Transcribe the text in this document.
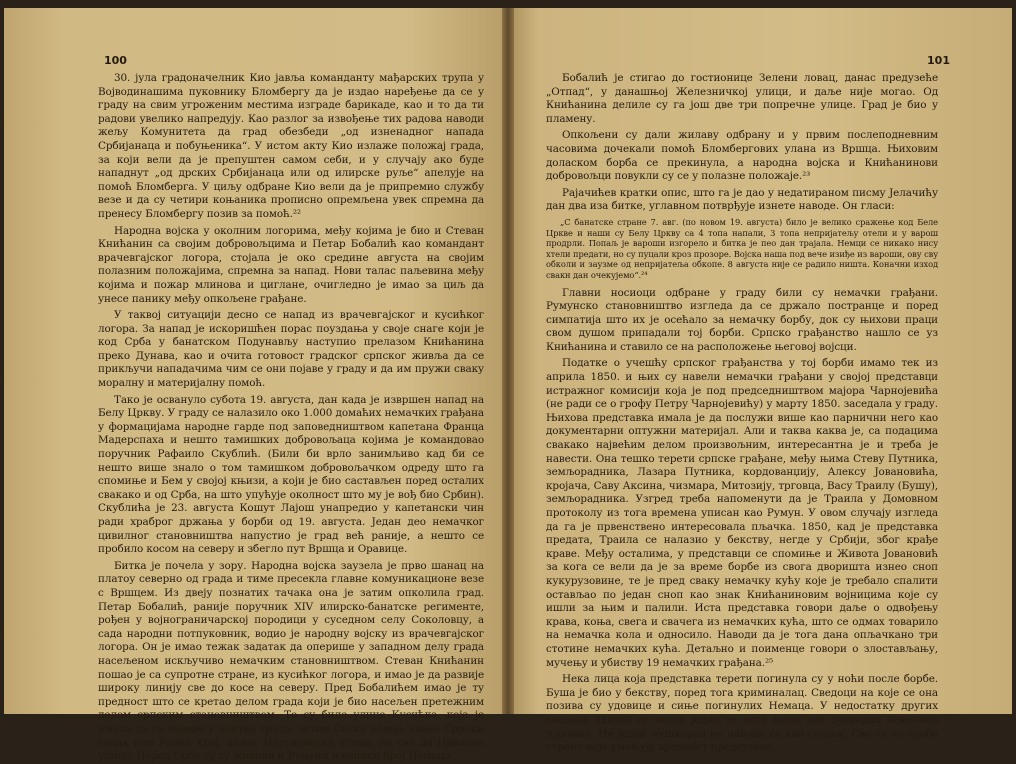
100

30. јула градоначелник Кио јавља команданту мађарских трупа у Војводинашима пуковнику Бломбергу да је издао наређење да се у граду на свим угроженим местима изграде барикаде, као и то да ти радови увелико напредују. Као разлог за извођење тих радова наводи жељу Комунитета да град обезбеди „од изненадног напада Србијанаца и побуњеника“. У истом акту Кио излаже положај града, за који вели да је препуштен самом себи, и у случају ако буде нападнут „од дрских Србијанаца или од илирске руље“ апелује на помоћ Бломберга. У циљу одбране Кио вели да је припремио службу везе и да су четири коњаника прописно опремљена увек спремна да пренесу Бломбергу позив за помоћ.²²

Народна војска у околним логорима, међу којима је био и Стеван Книћанин са својим добровољцима и Петар Бобалић као командант врачевгајског логора, стојала је око средине августа на својим полазним положајима, спремна за напад. Нови талас паљевина међу којима и пожар млинова и циглане, очигледно је имао за циљ да унесе панику међу опкољене грађане.

У таквој ситуацији десно се напад из врачевгајског и кусићког логора. За напад је искоришћен порас поуздања у своје снаге који је код Срба у банатском Подунављу наступио прелазом Книћанина преко Дунава, као и очита готовост градског српског живља да се прикључи нападачима чим се они појаве у граду и да им пружи сваку моралну и материјалну помоћ.

Тако је освануло субота 19. августа, дан када је извршен напад на Белу Цркву. У граду се налазило око 1.000 домаћих немачких грађана у формацијама народне гарде под заповедништвом капетана Франца Мадерспаха и нешто тамишких добровољаца којима је командовао поручник Рафаило Скублић. (Били би врло занимљиво кад би се нешто више знало о том тамишком добровољачком одреду што га спомиње и Бем у својој књизи, а који је био састављен поред осталих свакако и од Срба, на што упућује околност што му је вођ био Србин). Скублића је 23. августа Кошут Лајош унапредио у капетански чин ради храброг држања у борби од 19. августа. Један део немачког цивилног становништва напустио је град већ раније, а нешто се пробило косом на северу и збегло пут Вршца и Оравице.

Битка је почела у зору. Народна војска заузела је прво шанац на платоу северно од града и тиме пресекла главне комуникационе везе с Вршцем. Из двеју познатих тачака она је затим опколила град. Петар Бобалић, раније поручник XIV илирско-банатске регименте, рођен у војнограничарској породици у суседном селу Соколовцу, а сада народни потпуковник, водио је народну војску из врачевгајског логора. Он је имао тежак задатак да оперише у западном делу града насељеном искључиво немачким становништвом. Стеван Книћанин пошао је са супротне стране, из кусићког логора, и имао је да развије широку линију све до косе на северу. Пред Бобалићем имао је ту предност што се кретао делом града који је био насељен претежним делом српским становништвом. То су биле улице Кусићка, која је имала да га доведе у центар града, затим Саска улица, звана Српски сокак или Рацки крај, данас Партизанска улица, па све до Црквене улице. Поред Срба ту су живели и Румуни и велики број Немаца.

101

Бобалић је стигао до гостионице Зелени ловац, данас предузеће „Отпад“, у данашњој Железничкој улици, и даље није могао. Од Книћанина делиле су га још две три попречне улице. Град је био у пламену.

Опкољени су дали жилаву одбрану и у првим послеподневним часовима дочекали помоћ Бломбергових улана из Вршца. Њиховим доласком борба се прекинула, а народна војска и Книћанинови добровољци повукли су се у полазне положаје.²³

Рајачићев кратки опис, што га је дао у недатираном писму Јелачићу дан два иза битке, углавном потврђује изнете наводе. Он гласи:

„С банатске стране 7. авг. (по новом 19. августа) било је велико сражење код Беле Цркве и наши су Белу Цркву са 4 топа напали, 3 топа непријатељу отели и у варош продрли. Попаљ је вароши изгорело и битка је пео дан трајала. Немци се никако нису хтели предати, но су пуцали кроз прозоре. Војска наша под вече изиђе из вароши, ову сву обколи и заузме од непријатеља обкопе. 8 августа није се радило ништа. Коначни изход свакн дан очекујемо“.²⁴

Главни носиоци одбране у граду били су немачки грађани. Румунско становништво изгледа да се држало постранце и поред симпатија што их је осећало за немачку борбу, док су њихови праци свом душом припадали тој борби. Српско грађанство нашло се уз Книћанина и ставило се на расположење његовој војсци.

Податкe о учешћу српског грађанства у тој борби имамо тек из априла 1850. и њих су навели немачки грађани у својој представци истражног комисији која је под председништвом мајора Чарнојевића (не ради се о грофу Петру Чарнојевићу) у марту 1850. заседала у граду. Њихова представка имала је да послужи више као парнични него као документарни оптужни материјал. Али и таква каква је, са подацима свакако највећим делом произвољним, интересантна је и треба је навести. Она тешко терети српске грађане, међу њима Стеву Путника, земљорадника, Лазара Путника, кордованџију, Алексу Јовановића, кројача, Саву Аксина, чизмара, Митозију, трговца, Васу Траилу (Бушу), земљорадника. Узгред треба напоменути да је Траила у Домовном протоколу из тога времена уписан као Румун. У овом случају изгледа да га је првенствено интересовала пљачка. 1850, кад је представка предата, Траила се налазио у бекству, негде у Србији, због крађе краве. Међу осталима, у представци се спомиње и Живота Јовановић за кога се вели да је за време борбе из свога дворишта изнео сноп кукурузовине, те је пред сваку немачку кућу које је требало спалити остављао по један сноп као знак Книћаниновим војницима које су ишли за њим и палили. Иста представка говори даље о одвођењу крава, коња, свега и свачега из немачких кућа, што се одмах товарило на немачка кола и односило. Наводи да је тога дана опљачкано три стотине немачких кућа. Детаљно и поименце говори о злостављању, мучењу и убиству 19 немачких грађана.²⁵

Нека лица која представка терети погинула су у ноћи после борбе. Буша је био у бекству, поред тога криминалац. Сведоци на које се она позива су удовице и сиње погинулих Немаца. У недостатку других сведока наводи се често једна те иста жена као очевидац неколико злочина. Ни један мушкарац не наводи се као сведок. Све су то слабе стране које умањују вредност представке.
